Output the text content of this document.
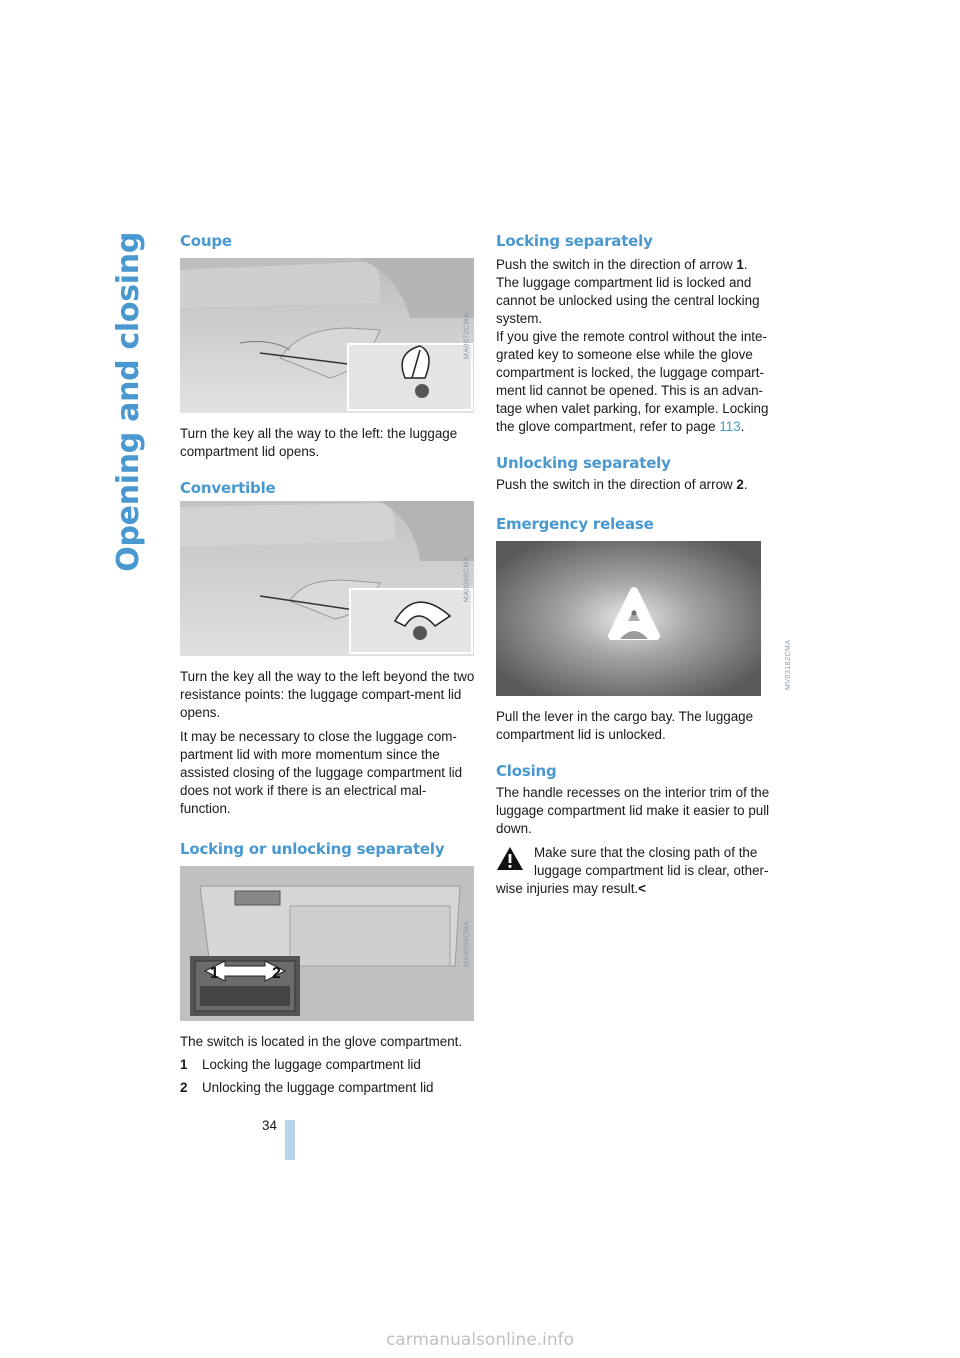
Opening and closing Coupe
MA0072CMA

Turn the key all the way to the left: the luggage compartment lid opens.

Convertible
MA0068CMA

Turn the key all the way to the left beyond the two resistance points: the luggage compart-ment lid opens.

It may be necessary to close the luggage com-partment lid with more momentum since the assisted closing of the luggage compartment lid does not work if there is an electrical mal-function.

Locking or unlocking separately
1	2
MA0069CMA

The switch is located in the glove compartment.

1	Locking the luggage compartment lid
2	Unlocking the luggage compartment lid
Locking separately

Push the switch in the direction of arrow 1.

The luggage compartment lid is locked and cannot be unlocked using the central locking system.

If you give the remote control without the inte-grated key to someone else while the glove compartment is locked, the luggage compart-ment lid cannot be opened. This is an advan-tage when valet parking, for example. Locking the glove compartment, refer to page 113.

Unlocking separately

Push the switch in the direction of arrow 2.

Emergency release
MV03182CMA

Pull the lever in the cargo bay. The luggage compartment lid is unlocked.

Closing

The handle recesses on the interior trim of the luggage compartment lid make it easier to pull down.

Make sure that the closing path of the

luggage compartment lid is clear, other-

wise injuries may result.<

34
carmanualsonline.info
